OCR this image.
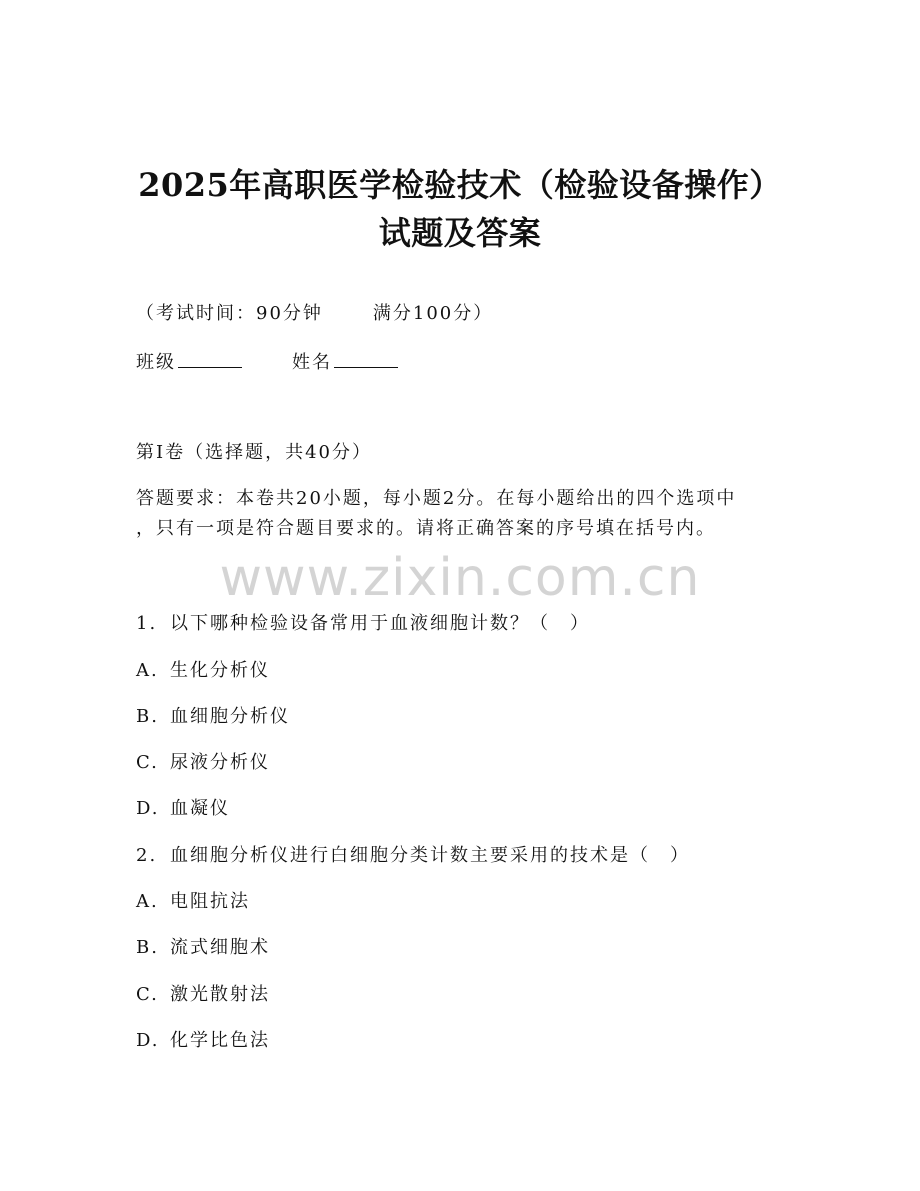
2025年高职医学检验技术（检验设备操作）
试题及答案
（考试时间：90分钟	满分100分）
班级	姓名
第I卷（选择题，共40分）
答题要求：本卷共20小题，每小题2分。在每小题给出的四个选项中
，只有一项是符合题目要求的。请将正确答案的序号填在括号内。
www.zixin.com.cn
1. 以下哪种检验设备常用于血液细胞计数？（　）
A. 生化分析仪
B. 血细胞分析仪
C. 尿液分析仪
D. 血凝仪
2. 血细胞分析仪进行白细胞分类计数主要采用的技术是（　）
A. 电阻抗法
B. 流式细胞术
C. 激光散射法
D. 化学比色法
